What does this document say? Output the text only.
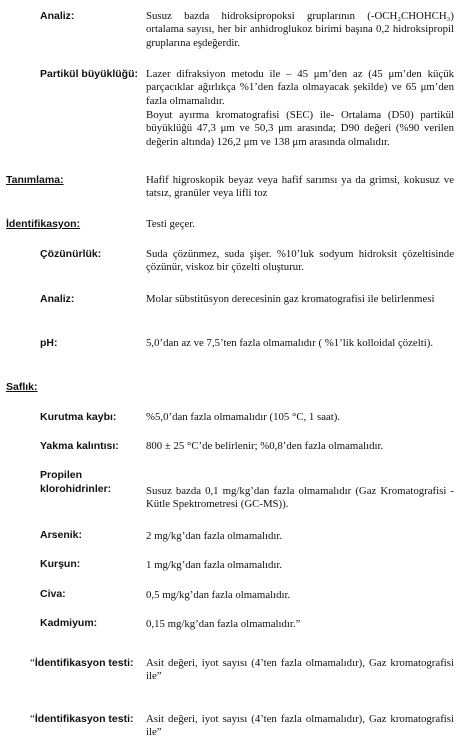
Analiz:	Susuz bazda hidroksipropoksi gruplarının (-OCH₂CHOHCH₃) ortalama sayısı, her bir anhidroglukoz birimi başına 0,2 hidroksipropil gruplarına eşdeğerdir.
Partikül büyüklüğü: Lazer difraksiyon metodu ile – 45 μm’den az (45 μm’den küçük parçacıklar ağırlıkça %1’den fazla olmayacak şekilde) ve 65 μm’den fazla olmamalıdır.
Boyut ayırma kromatografisi (SEC) ile- Ortalama (D50) partikül büyüklüğü 47,3 μm ve 50,3 μm arasında; D90 değeri (%90 verilen değerin altında) 126,2 μm ve 138 μm arasında olmalıdır.
Tanımlama:	Hafif higroskopik beyaz veya hafif sarımsı ya da grimsi, kokusuz ve tatsız, granüler veya lifli toz
İdentifikasyon:	Testi geçer.
Çözünürlük:	Suda çözünmez, suda şişer. %10’luk sodyum hidroksit çözeltisinde çözünür, viskoz bir çözelti oluşturur.
Analiz:	Molar sübstitüsyon derecesinin gaz kromatografisi ile belirlenmesi
pH:	5,0’dan az ve 7,5’ten fazla olmamalıdır ( %1’lik kolloidal çözelti).
Saflık:
Kurutma kaybı:	%5,0’dan fazla olmamalıdır (105 °C, 1 saat).
Yakma kalıntısı:	800 ± 25 °C’de belirlenir; %0,8’den fazla olmamalıdır.
Propilen
klorohidrinler:	Susuz bazda 0,1 mg/kg’dan fazla olmamalıdır (Gaz Kromatografisi - Kütle Spektrometresi (GC-MS)).
Arsenik:	2 mg/kg’dan fazla olmamalıdır.
Kurşun:	1 mg/kg’dan fazla olmamalıdır.
Civa:	0,5 mg/kg’dan fazla olmamalıdır.
Kadmiyum:	0,15 mg/kg’dan fazla olmamalıdır.”
“İdentifikasyon testi: Asit değeri, iyot sayısı (4’ten fazla olmamalıdır), Gaz kromatografisi ile”
“İdentifikasyon testi: Asit değeri, iyot sayısı (4’ten fazla olmamalıdır), Gaz kromatografisi ile”
